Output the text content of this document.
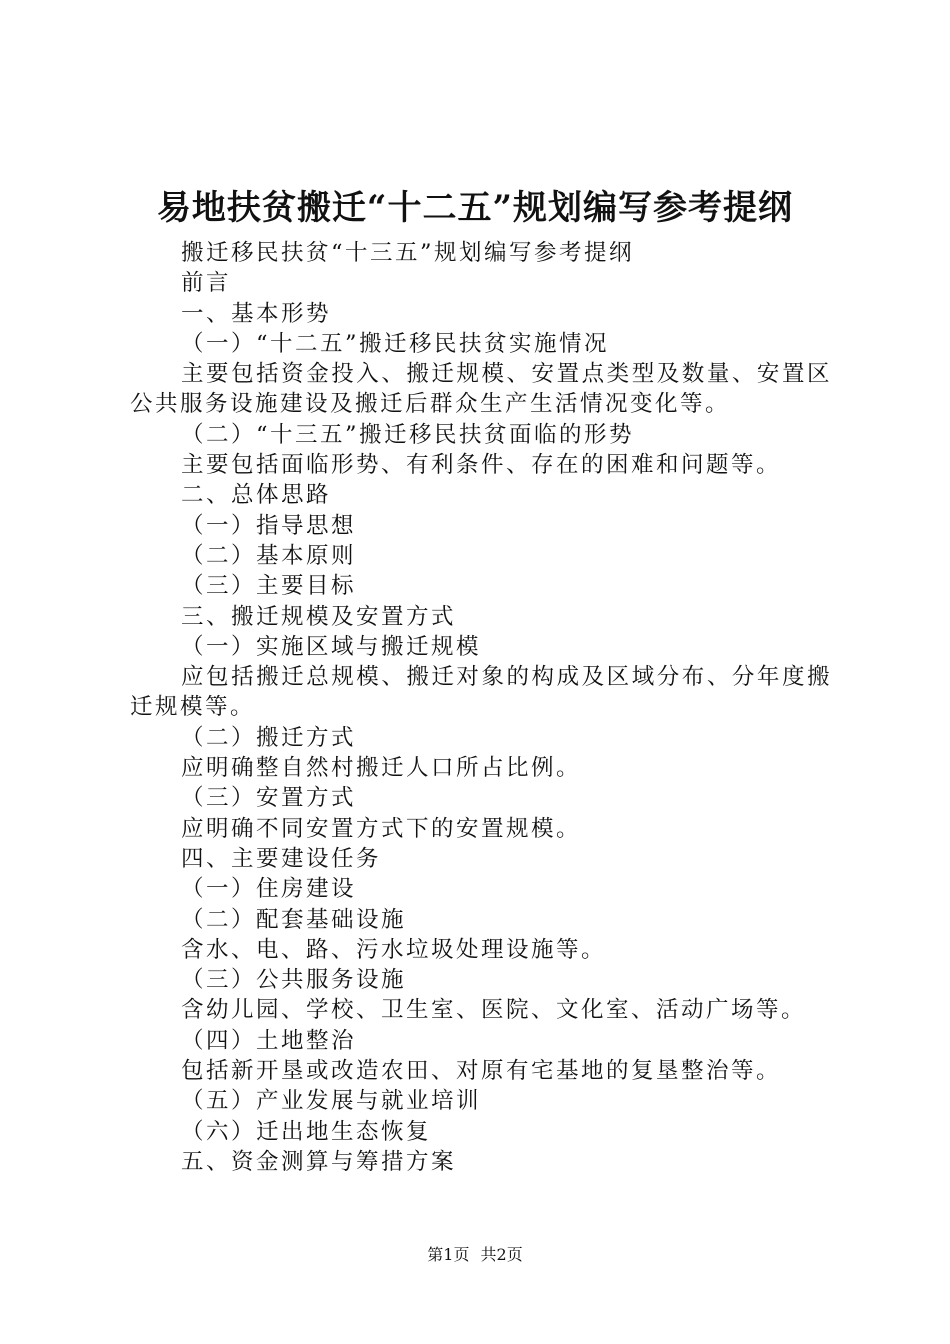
易地扶贫搬迁“十二五”规划编写参考提纲

搬迁移民扶贫“十三五”规划编写参考提纲

前言

一、基本形势

（一）“十二五”搬迁移民扶贫实施情况

主要包括资金投入、搬迁规模、安置点类型及数量、安置区公共服务设施建设及搬迁后群众生产生活情况变化等。

（二）“十三五”搬迁移民扶贫面临的形势

主要包括面临形势、有利条件、存在的困难和问题等。

二、总体思路

（一）指导思想

（二）基本原则

（三）主要目标

三、搬迁规模及安置方式

（一）实施区域与搬迁规模

应包括搬迁总规模、搬迁对象的构成及区域分布、分年度搬迁规模等。

（二）搬迁方式

应明确整自然村搬迁人口所占比例。

（三）安置方式

应明确不同安置方式下的安置规模。

四、主要建设任务

（一）住房建设

（二）配套基础设施

含水、电、路、污水垃圾处理设施等。

（三）公共服务设施

含幼儿园、学校、卫生室、医院、文化室、活动广场等。

（四）土地整治

包括新开垦或改造农田、对原有宅基地的复垦整治等。

（五）产业发展与就业培训

（六）迁出地生态恢复

五、资金测算与筹措方案

第1页 共2页
